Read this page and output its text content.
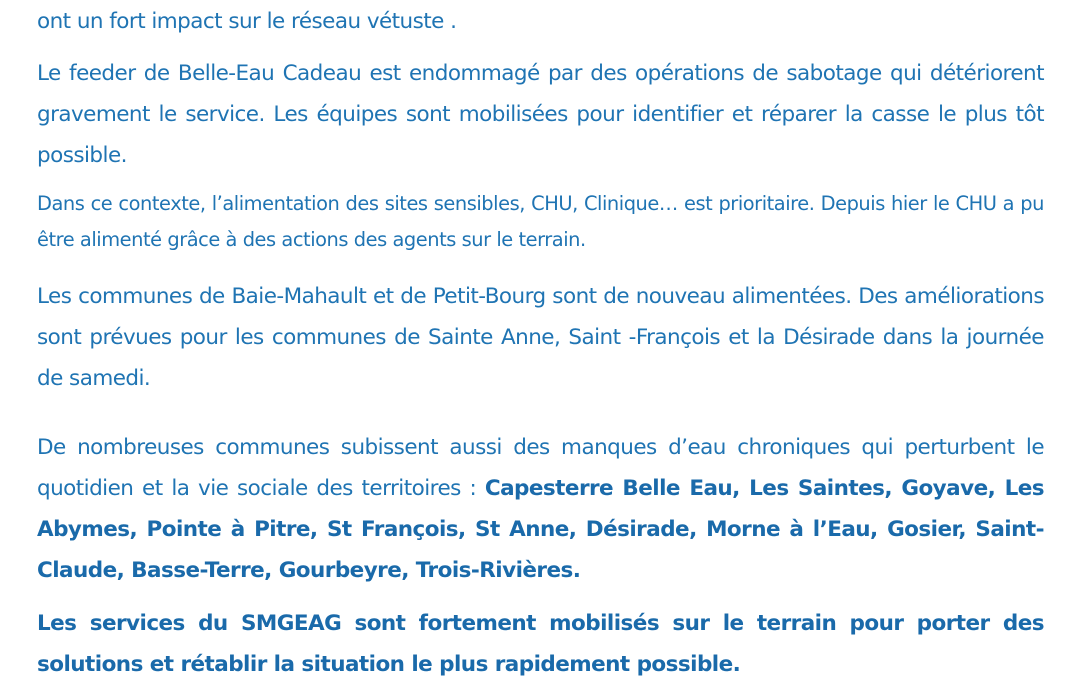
ont un fort impact sur le réseau vétuste .

Le feeder de Belle-Eau Cadeau est endommagé par des opérations de sabotage qui détériorent gravement le service. Les équipes sont mobilisées pour identifier et réparer la casse le plus tôt possible.

Dans ce contexte, l’alimentation des sites sensibles, CHU, Clinique… est prioritaire. Depuis hier le CHU a pu être alimenté grâce à des actions des agents sur le terrain.

Les communes de Baie-Mahault et de Petit-Bourg sont de nouveau alimentées. Des améliorations sont prévues pour les communes de Sainte Anne, Saint -François et la Désirade dans la journée de samedi.

De nombreuses communes subissent aussi des manques d’eau chroniques qui perturbent le quotidien et la vie sociale des territoires : Capesterre Belle Eau, Les Saintes, Goyave, Les Abymes, Pointe à Pitre, St François, St Anne, Désirade, Morne à l’Eau, Gosier, Saint-Claude, Basse-Terre, Gourbeyre, Trois-Rivières.

Les services du SMGEAG sont fortement mobilisés sur le terrain pour porter des solutions et rétablir la situation le plus rapidement possible.
